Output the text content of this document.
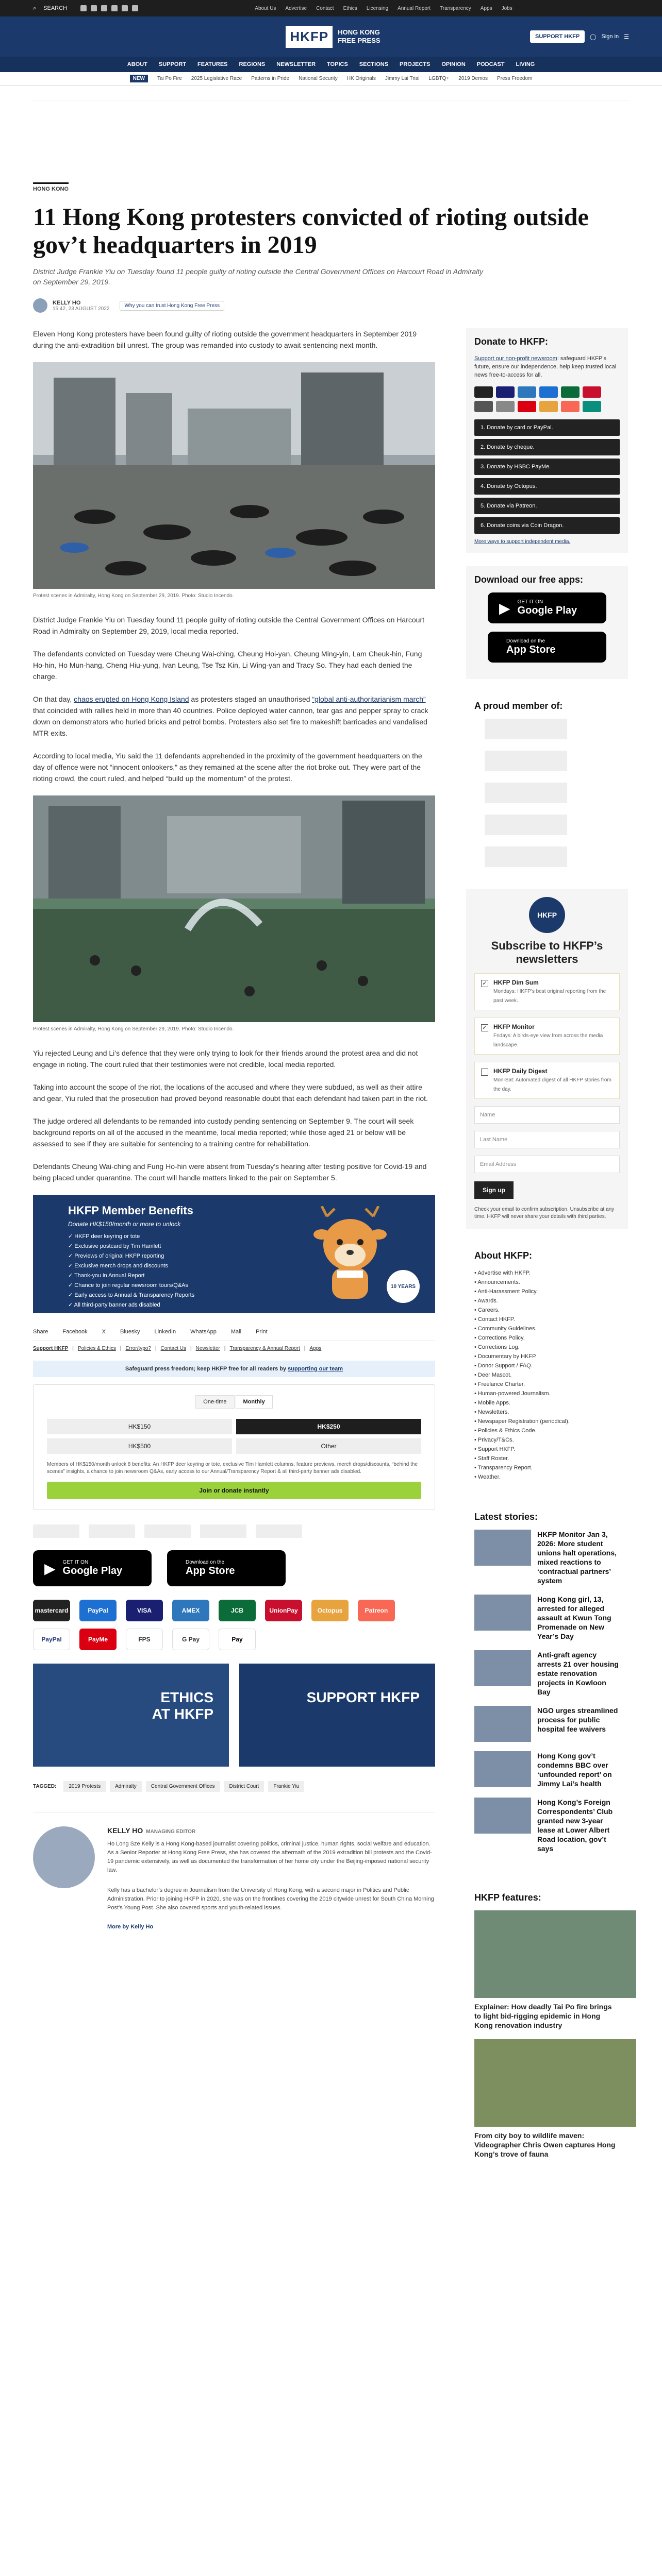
⌕ SEARCH	About Us Advertise Contact Ethics Licensing Annual Report Transparency Apps Jobs
HKFP	HONG KONG
FREE PRESS	SUPPORT HKFP	◯ Sign in ☰
ABOUT SUPPORT FEATURES REGIONS NEWSLETTER TOPICS SECTIONS PROJECTS OPINION PODCAST LIVING
NEW	Tai Po Fire 2025 Legislative Race Patterns in Pride National Security HK Originals Jimmy Lai Trial LGBTQ+ 2019 Demos Press Freedom
HONG KONG
11 Hong Kong protesters convicted of rioting outside gov’t headquarters in 2019
District Judge Frankie Yiu on Tuesday found 11 people guilty of rioting outside the Central Government Offices on Harcourt Road in Admiralty on September 29, 2019.
KELLY HO
15:42, 23 AUGUST 2022
Why you can trust Hong Kong Free Press

Eleven Hong Kong protesters have been found guilty of rioting outside the government headquarters in September 2019 during the anti-extradition bill unrest. The group was remanded into custody to await sentencing next month.

Protest scenes in Admiralty, Hong Kong on September 29, 2019. Photo: Studio Incendo.

District Judge Frankie Yiu on Tuesday found 11 people guilty of rioting outside the Central Government Offices on Harcourt Road in Admiralty on September 29, 2019, local media reported.

The defendants convicted on Tuesday were Cheung Wai-ching, Cheung Hoi-yan, Cheung Ming-yin, Lam Cheuk-hin, Fung Ho-hin, Ho Mun-hang, Cheng Hiu-yung, Ivan Leung, Tse Tsz Kin, Li Wing-yan and Tracy So. They had each denied the charge.

On that day, chaos erupted on Hong Kong Island as protesters staged an unauthorised “global anti-authoritarianism march” that coincided with rallies held in more than 40 countries. Police deployed water cannon, tear gas and pepper spray to crack down on demonstrators who hurled bricks and petrol bombs. Protesters also set fire to makeshift barricades and vandalised MTR exits.

According to local media, Yiu said the 11 defendants apprehended in the proximity of the government headquarters on the day of offence were not “innocent onlookers,” as they remained at the scene after the riot broke out. They were part of the rioting crowd, the court ruled, and helped “build up the momentum” of the protest.

Protest scenes in Admiralty, Hong Kong on September 29, 2019. Photo: Studio Incendo.

Yiu rejected Leung and Li’s defence that they were only trying to look for their friends around the protest area and did not engage in rioting. The court ruled that their testimonies were not credible, local media reported.

Taking into account the scope of the riot, the locations of the accused and where they were subdued, as well as their attire and gear, Yiu ruled that the prosecution had proved beyond reasonable doubt that each defendant had taken part in the riot.

The judge ordered all defendants to be remanded into custody pending sentencing on September 9. The court will seek background reports on all of the accused in the meantime, local media reported; while those aged 21 or below will be assessed to see if they are suitable for sentencing to a training centre for rehabilitation.

Defendants Cheung Wai-ching and Fung Ho-hin were absent from Tuesday’s hearing after testing positive for Covid-19 and being placed under quarantine. The court will handle matters linked to the pair on September 5.

HKFP Member Benefits
Donate HK$150/month or more to unlock
✓ HKFP deer keyring or tote
✓ Exclusive postcard by Tim Hamlett
✓ Previews of original HKFP reporting
✓ Exclusive merch drops and discounts
✓ Thank-you in Annual Report
✓ Chance to join regular newsroom tours/Q&As
✓ Early access to Annual & Transparency Reports
✓ All third-party banner ads disabled
10 YEARS
Share	Facebook	X	Bluesky	LinkedIn	WhatsApp	Mail	Print
Support HKFP | Policies & Ethics | Error/typo? | Contact Us | Newsletter | Transparency & Annual Report | Apps
Safeguard press freedom; keep HKFP free for all readers by supporting our team
One-time	Monthly
HK$150	HK$250
HK$500	Other
Members of HK$150/month unlock 8 benefits: An HKFP deer keyring or tote, exclusive Tim Hamlett columns, feature previews, merch drops/discounts, “behind the scenes” insights, a chance to join newsroom Q&As, early access to our Annual/Transparency Report & all third-party banner ads disabled.
Join or donate instantly
▶ GET IT ON
Google Play
Download on the
App Store
mastercard	PayPal	VISA	AMEX	JCB	UnionPay	Octopus	Patreon
PayPal	PayMe	FPS	G Pay	Pay
ETHICS
AT HKFP
SUPPORT HKFP
TAGGED:	2019 Protests	Admiralty	Central Government Offices	District Court	Frankie Yiu
KELLY HO MANAGING EDITOR

Ho Long Sze Kelly is a Hong Kong-based journalist covering politics, criminal justice, human rights, social welfare and education. As a Senior Reporter at Hong Kong Free Press, she has covered the aftermath of the 2019 extradition bill protests and the Covid-19 pandemic extensively, as well as documented the transformation of her home city under the Beijing-imposed national security law.

Kelly has a bachelor’s degree in Journalism from the University of Hong Kong, with a second major in Politics and Public Administration. Prior to joining HKFP in 2020, she was on the frontlines covering the 2019 citywide unrest for South China Morning Post’s Young Post. She also covered sports and youth-related issues.

More by Kelly Ho
Donate to HKFP:

Support our non-profit newsroom: safeguard HKFP’s future, ensure our independence, help keep trusted local news free-to-access for all.

1. Donate by card or PayPal.
2. Donate by cheque.
3. Donate by HSBC PayMe.
4. Donate by Octopus.
5. Donate via Patreon.
6. Donate coins via Coin Dragon.
More ways to support independent media.
Download our free apps:
▶ GET IT ON
Google Play
Download on the
App Store
A proud member of:
HKFP
Subscribe to HKFP’s newsletters
✓ HKFP Dim Sum
Mondays: HKFP’s best original reporting from the past week.
✓ HKFP Monitor
Fridays: A birds-eye view from across the media landscape.
HKFP Daily Digest
Mon-Sat: Automated digest of all HKFP stories from the day.
Name
Last Name
Email Address
Sign up
Check your email to confirm subscription. Unsubscribe at any time. HKFP will never share your details with third parties.
About HKFP:
• Advertise with HKFP.
• Announcements.
• Anti-Harassment Policy.
• Awards.
• Careers.
• Contact HKFP.
• Community Guidelines.
• Corrections Policy.
• Corrections Log.
• Documentary by HKFP.
• Donor Support / FAQ.
• Deer Mascot.
• Freelance Charter.
• Human-powered Journalism.
• Mobile Apps.
• Newsletters.
• Newspaper Registration (periodical).
• Policies & Ethics Code.
• Privacy/T&Cs.
• Support HKFP.
• Staff Roster.
• Transparency Report.
• Weather.
Latest stories:
HKFP Monitor Jan 3, 2026: More student unions halt operations, mixed reactions to ‘contractual partners’ system
Hong Kong girl, 13, arrested for alleged assault at Kwun Tong Promenade on New Year’s Day
Anti-graft agency arrests 21 over housing estate renovation projects in Kowloon Bay
NGO urges streamlined process for public hospital fee waivers
Hong Kong gov’t condemns BBC over ‘unfounded report’ on Jimmy Lai’s health
Hong Kong’s Foreign Correspondents’ Club granted new 3-year lease at Lower Albert Road location, gov’t says
HKFP features:
Explainer: How deadly Tai Po fire brings to light bid-rigging epidemic in Hong Kong renovation industry
From city boy to wildlife maven: Videographer Chris Owen captures Hong Kong’s trove of fauna
